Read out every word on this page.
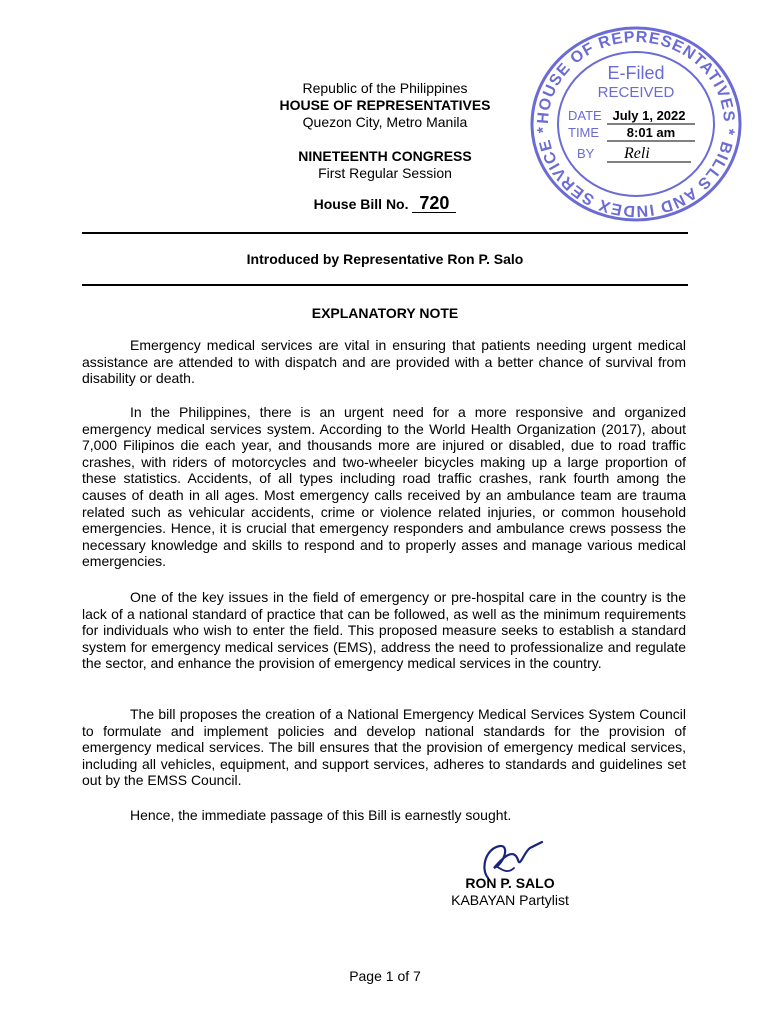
Republic of the Philippines
HOUSE OF REPRESENTATIVES
Quezon City, Metro Manila
NINETEENTH CONGRESS
First Regular Session
House Bill No. 720
Introduced by Representative Ron P. Salo
EXPLANATORY NOTE

Emergency medical services are vital in ensuring that patients needing urgent medical assistance are attended to with dispatch and are provided with a better chance of survival from disability or death.

In the Philippines, there is an urgent need for a more responsive and organized emergency medical services system. According to the World Health Organization (2017), about 7,000 Filipinos die each year, and thousands more are injured or disabled, due to road traffic crashes, with riders of motorcycles and two-wheeler bicycles making up a large proportion of these statistics. Accidents, of all types including road traffic crashes, rank fourth among the causes of death in all ages. Most emergency calls received by an ambulance team are trauma related such as vehicular accidents, crime or violence related injuries, or common household emergencies. Hence, it is crucial that emergency responders and ambulance crews possess the necessary knowledge and skills to respond and to properly asses and manage various medical emergencies.

One of the key issues in the field of emergency or pre-hospital care in the country is the lack of a national standard of practice that can be followed, as well as the minimum requirements for individuals who wish to enter the field. This proposed measure seeks to establish a standard system for emergency medical services (EMS), address the need to professionalize and regulate the sector, and enhance the provision of emergency medical services in the country.

The bill proposes the creation of a National Emergency Medical Services System Council to formulate and implement policies and develop national standards for the provision of emergency medical services. The bill ensures that the provision of emergency medical services, including all vehicles, equipment, and support services, adheres to standards and guidelines set out by the EMSS Council.

Hence, the immediate passage of this Bill is earnestly sought.

RON P. SALO
KABAYAN Partylist
Page 1 of 7
HOUSE OF REPRESENTATIVES * BILLS AND INDEX SERVICE *
E-Filed
RECEIVED
DATE July 1, 2022
TIME 8:01 am
BY Reli
